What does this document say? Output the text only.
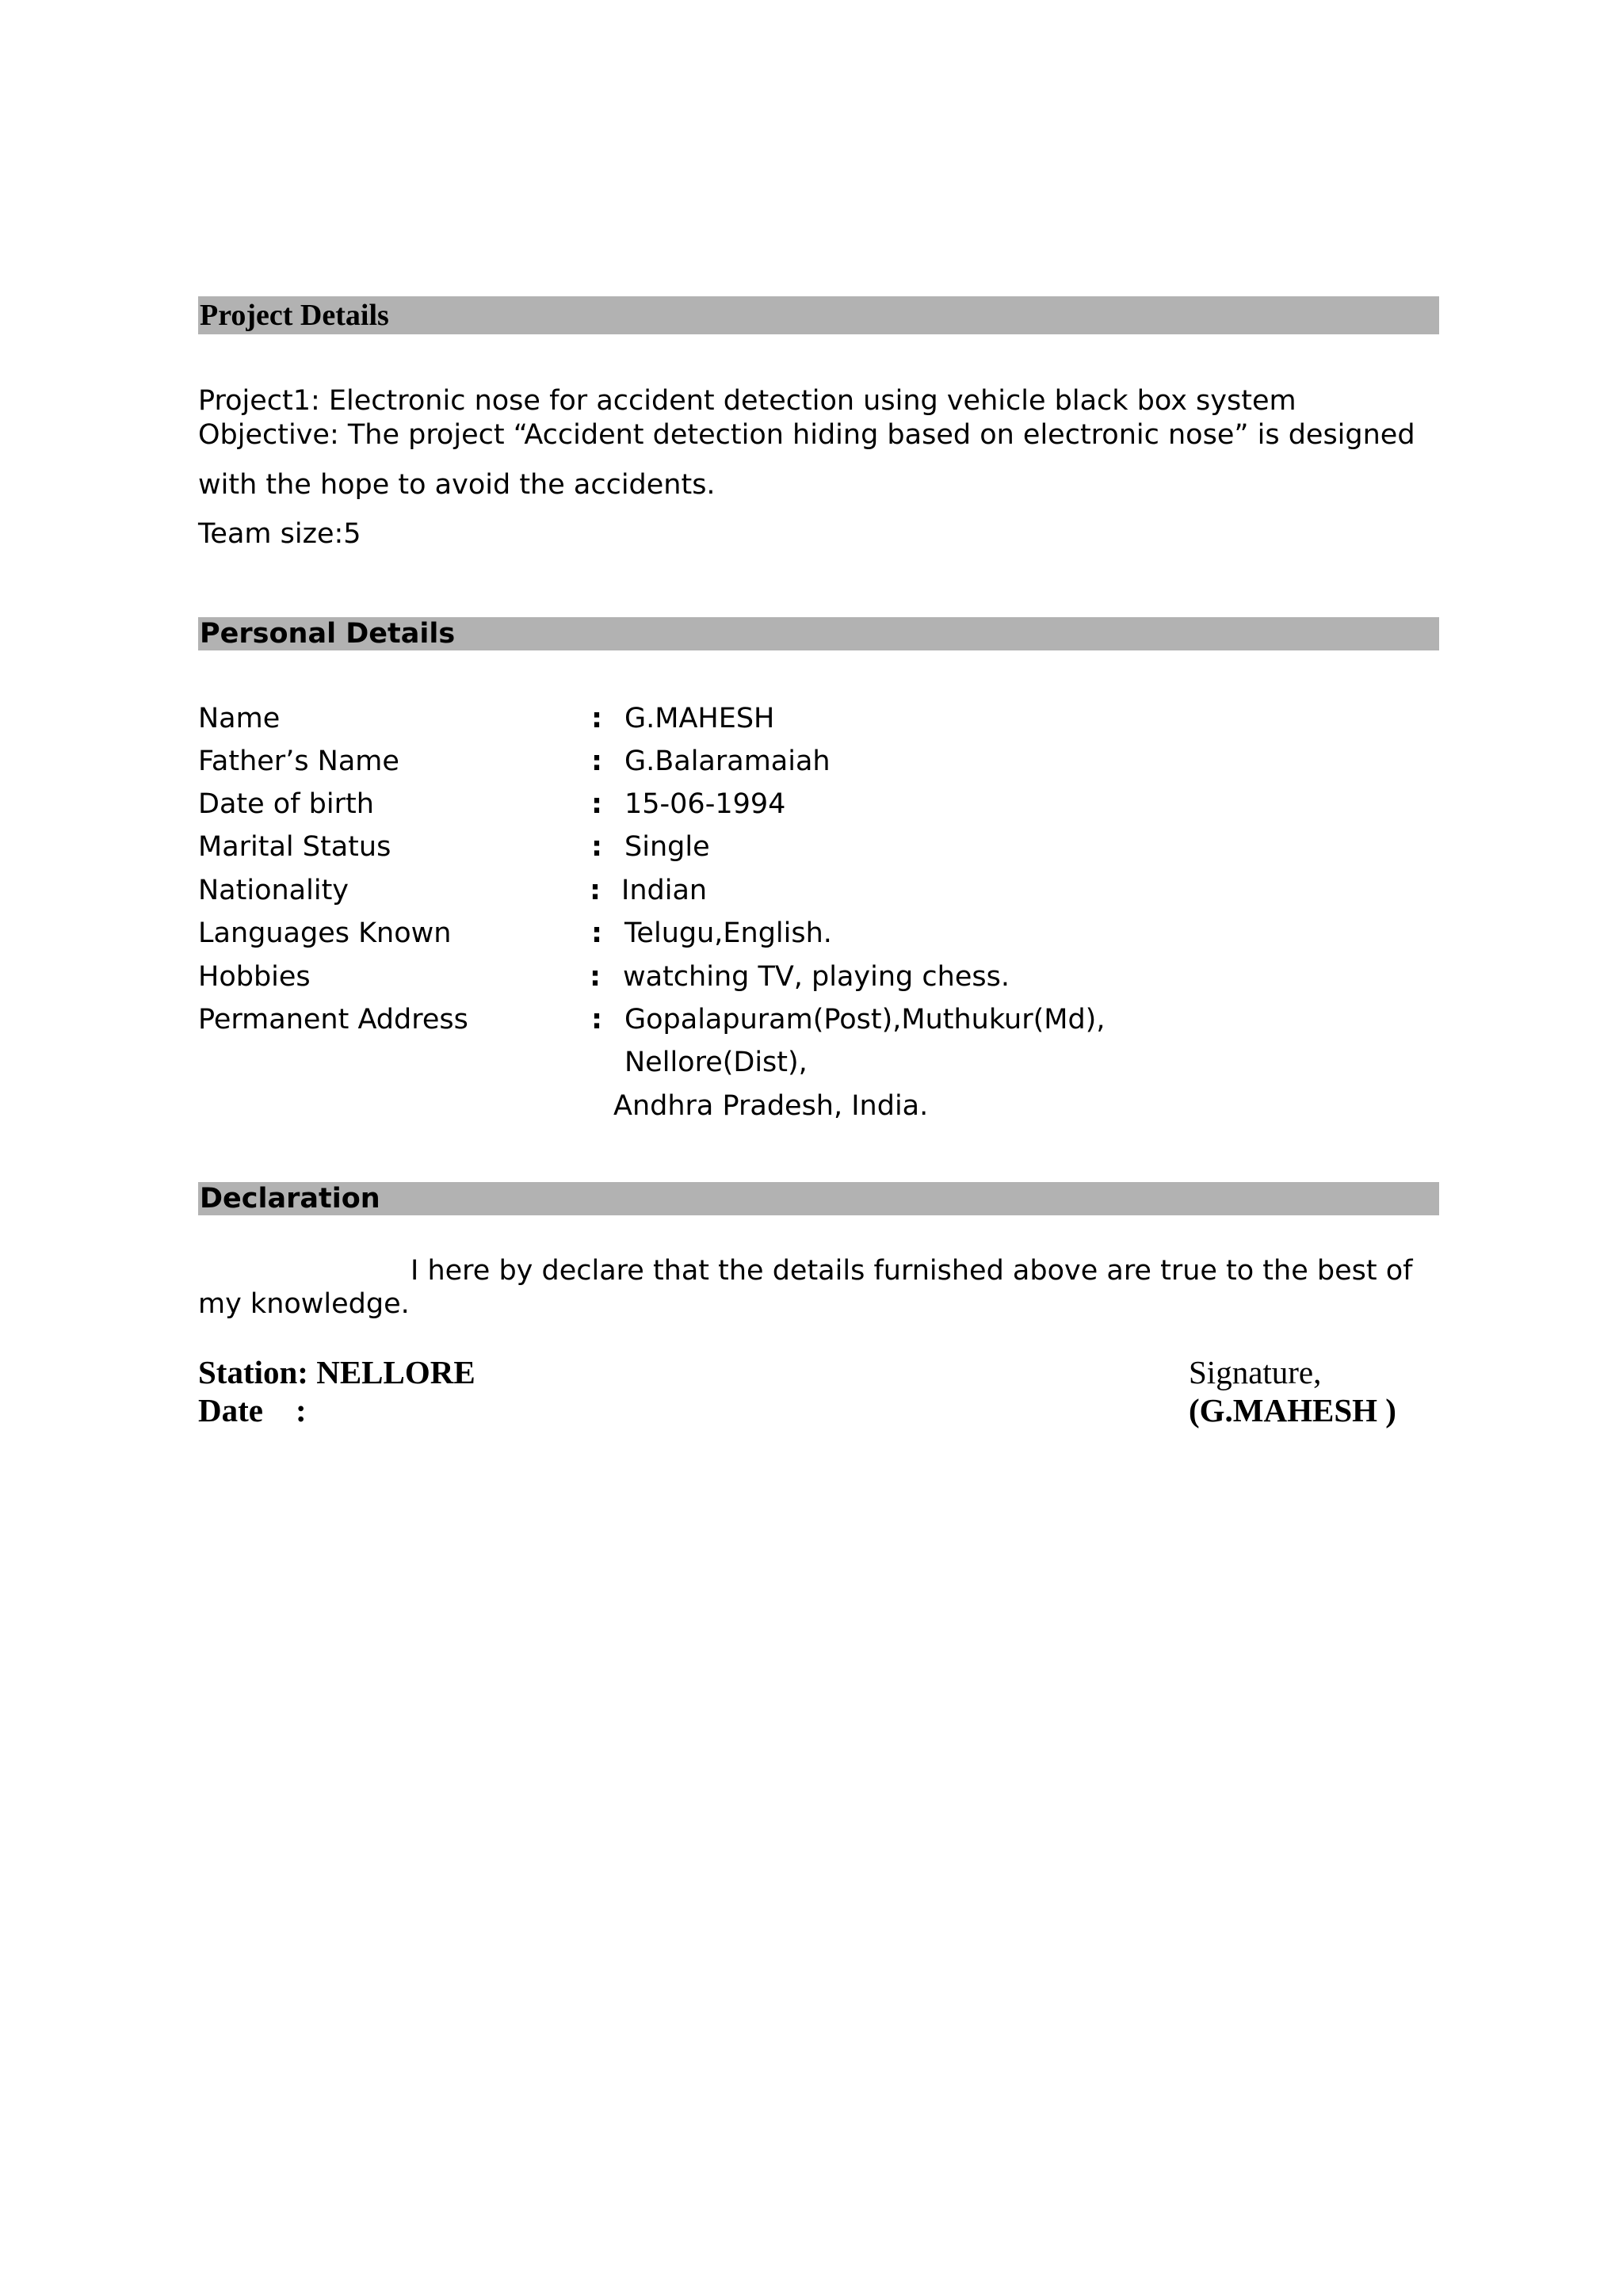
Project Details
Project1: Electronic nose for accident detection using vehicle black box system
Objective: The project “Accident detection hiding based on electronic nose” is designed
with the hope to avoid the accidents.
Team size:5
Personal Details
Name	: G.MAHESH
Father’s Name	: G.Balaramaiah
Date of birth	: 15-06-1994
Marital Status	: Single
Nationality	: Indian
Languages Known	: Telugu,English.
Hobbies	: watching TV, playing chess.
Permanent Address	: Gopalapuram(Post),Muthukur(Md),
Nellore(Dist),
Andhra Pradesh, India.
Declaration
I here by declare that the details furnished above are true to the best of
my knowledge.
Station: NELLORE
Date    :
Signature,
(G.MAHESH )
